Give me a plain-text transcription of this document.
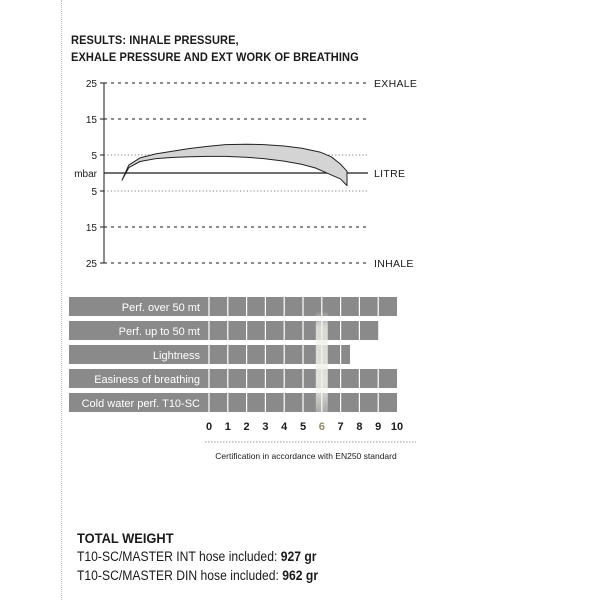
RESULTS: INHALE PRESSURE,
EXHALE PRESSURE AND EXT WORK OF BREATHING
25
15
5
5
15
25
mbar
EXHALE
LITRE
INHALE
Perf. over 50 mt
Perf. up to 50 mt
Lightness
Easiness of breathing
Cold water perf. T10-SC
0 1 2 3 4 5 6 7 8 9 10
Certification in accordance with EN250 standard
TOTAL WEIGHT
T10-SC/MASTER INT hose included: 927 gr
T10-SC/MASTER DIN hose included: 962 gr
